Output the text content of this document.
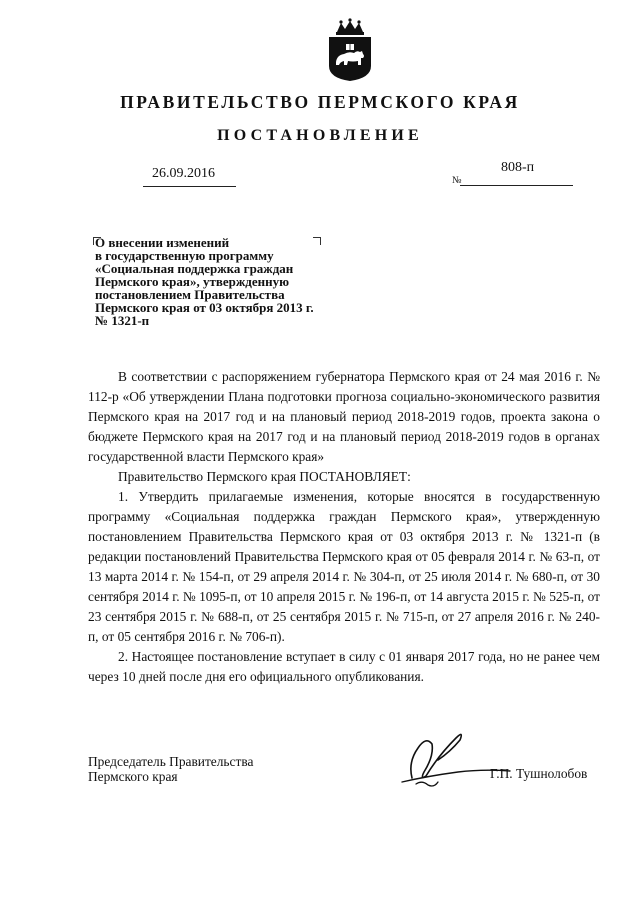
ПРАВИТЕЛЬСТВО ПЕРМСКОГО КРАЯ
ПОСТАНОВЛЕНИЕ
26.09.2016	№
808-п
О внесении изменений
в государственную программу
«Социальная поддержка граждан
Пермского края», утвержденную
постановлением Правительства
Пермского края от 03 октября 2013 г.
№ 1321-п

В соответствии с распоряжением губернатора Пермского края от 24 мая 2016 г. № 112-р «Об утверждении Плана подготовки прогноза социально-экономического развития Пермского края на 2017 год и на плановый период 2018-2019 годов, проекта закона о бюджете Пермского края на 2017 год и на плановый период 2018-2019 годов в органах государственной власти Пермского края»

Правительство Пермского края ПОСТАНОВЛЯЕТ:

1. Утвердить прилагаемые изменения, которые вносятся в государственную программу «Социальная поддержка граждан Пермского края», утвержденную постановлением Правительства Пермского края от 03 октября 2013 г. № 1321-п (в редакции постановлений Правительства Пермского края от 05 февраля 2014 г. № 63-п, от 13 марта 2014 г. № 154-п, от 29 апреля 2014 г. № 304-п, от 25 июля 2014 г. № 680-п, от 30 сентября 2014 г. № 1095-п, от 10 апреля 2015 г. № 196-п, от 14 августа 2015 г. № 525-п, от 23 сентября 2015 г. № 688-п, от 25 сентября 2015 г. № 715-п, от 27 апреля 2016 г. № 240-п, от 05 сентября 2016 г. № 706-п).

2. Настоящее постановление вступает в силу с 01 января 2017 года, но не ранее чем через 10 дней после дня его официального опубликования.

Председатель Правительства
Пермского края	Г.П. Тушнолобов
